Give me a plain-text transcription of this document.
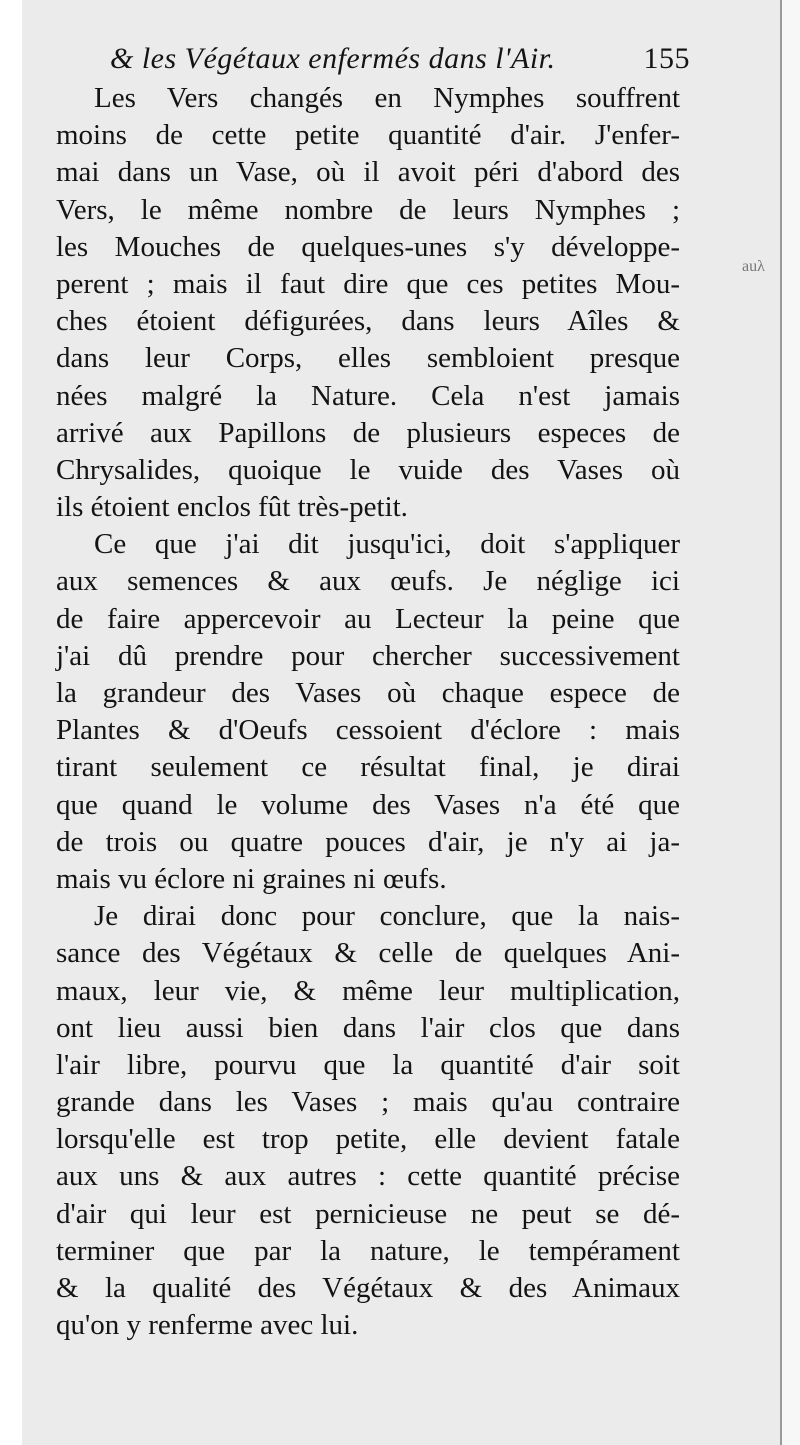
& les Végétaux enfermés dans l'Air.	155
auλ
Les Vers changés en Nymphes souffrent
moins de cette petite quantité d'air. J'enfer-
mai dans un Vase, où il avoit péri d'abord des
Vers, le même nombre de leurs Nymphes ;
les Mouches de quelques-unes s'y développe-
perent ; mais il faut dire que ces petites Mou-
ches étoient défigurées, dans leurs Aîles &
dans leur Corps, elles sembloient presque
nées malgré la Nature. Cela n'est jamais
arrivé aux Papillons de plusieurs especes de
Chrysalides, quoique le vuide des Vases où
ils étoient enclos fût très-petit.
Ce que j'ai dit jusqu'ici, doit s'appliquer
aux semences & aux œufs. Je néglige ici
de faire appercevoir au Lecteur la peine que
j'ai dû prendre pour chercher successivement
la grandeur des Vases où chaque espece de
Plantes & d'Oeufs cessoient d'éclore : mais
tirant seulement ce résultat final, je dirai
que quand le volume des Vases n'a été que
de trois ou quatre pouces d'air, je n'y ai ja-
mais vu éclore ni graines ni œufs.
Je dirai donc pour conclure, que la nais-
sance des Végétaux & celle de quelques Ani-
maux, leur vie, & même leur multiplication,
ont lieu aussi bien dans l'air clos que dans
l'air libre, pourvu que la quantité d'air soit
grande dans les Vases ; mais qu'au contraire
lorsqu'elle est trop petite, elle devient fatale
aux uns & aux autres : cette quantité précise
d'air qui leur est pernicieuse ne peut se dé-
terminer que par la nature, le tempérament
& la qualité des Végétaux & des Animaux
qu'on y renferme avec lui.
